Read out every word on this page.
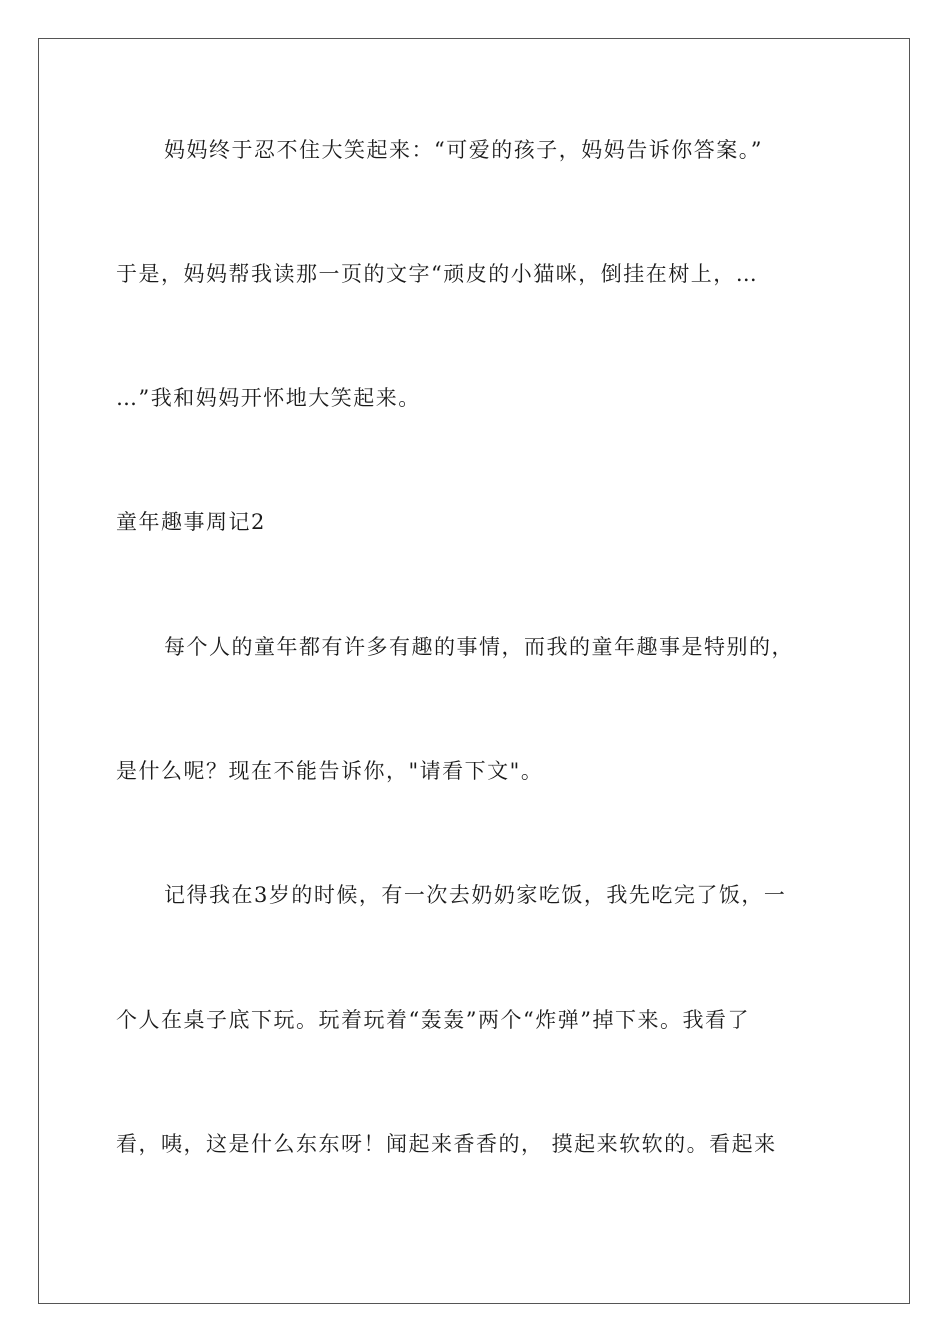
妈妈终于忍不住大笑起来：“可爱的孩子，妈妈告诉你答案。”

于是，妈妈帮我读那一页的文字“顽皮的小猫咪，倒挂在树上，…

…”我和妈妈开怀地大笑起来。

童年趣事周记2

每个人的童年都有许多有趣的事情，而我的童年趣事是特别的，

是什么呢？现在不能告诉你，"请看下文"。

记得我在3岁的时候，有一次去奶奶家吃饭，我先吃完了饭，一

个人在桌子底下玩。玩着玩着“轰轰”两个“炸弹”掉下来。我看了

看，咦，这是什么东东呀！闻起来香香的， 摸起来软软的。看起来
